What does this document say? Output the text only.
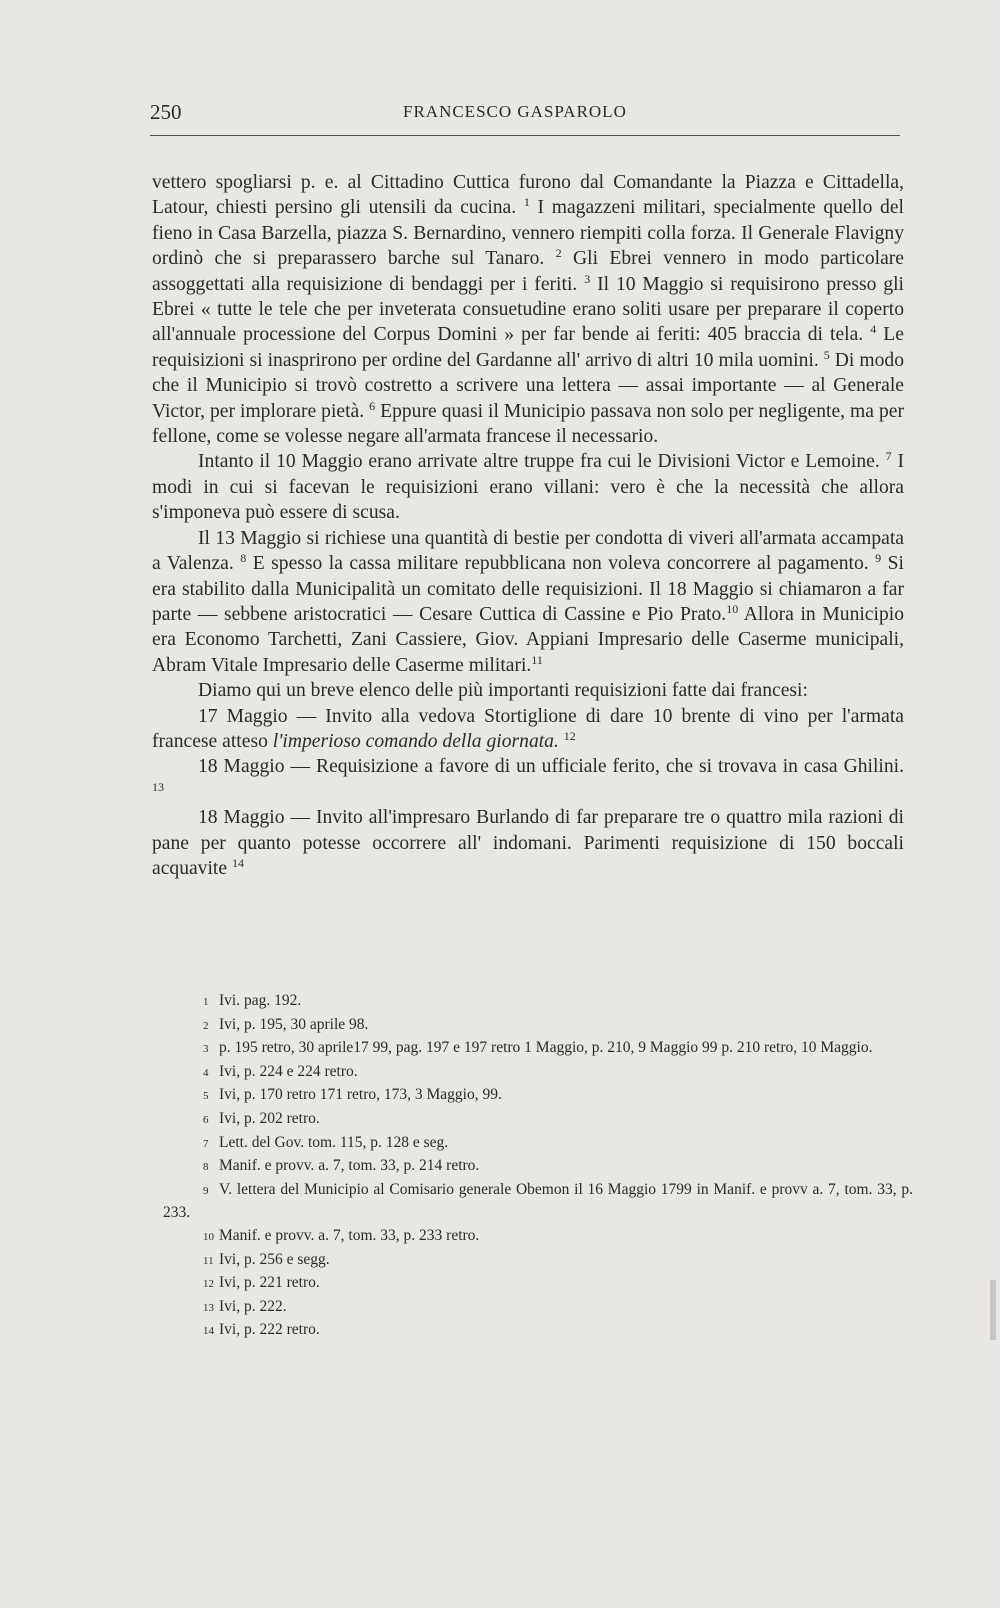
250	FRANCESCO GASPAROLO

vettero spogliarsi p. e. al Cittadino Cuttica furono dal Comandante la Piazza e Cittadella, Latour, chiesti persino gli utensili da cucina. $^1$ I magazzeni militari, specialmente quello del fieno in Casa Barzella, piazza S. Bernardino, vennero riempiti colla forza. Il Generale Flavigny ordinò che si preparassero barche sul Tanaro. $^2$ Gli Ebrei vennero in modo particolare assoggettati alla requisizione di bendaggi per i feriti. $^3$ Il 10 Maggio si requisirono presso gli Ebrei « tutte le tele che per inveterata consuetudine erano soliti usare per preparare il coperto all'annuale processione del Corpus Domini » per far bende ai feriti: 405 braccia di tela. $^4$ Le requisizioni si inasprirono per ordine del Gardanne all' arrivo di altri 10 mila uomini. $^5$ Di modo che il Municipio si trovò costretto a scrivere una lettera — assai importante — al Generale Victor, per implorare pietà. $^6$ Eppure quasi il Municipio passava non solo per negligente, ma per fellone, come se volesse negare all'armata francese il necessario.

Intanto il 10 Maggio erano arrivate altre truppe fra cui le Divisioni Victor e Lemoine. $^7$ I modi in cui si facevan le requisizioni erano villani: vero è che la necessità che allora s'imponeva può essere di scusa.

Il 13 Maggio si richiese una quantità di bestie per condotta di viveri all'armata accampata a Valenza. $^8$ E spesso la cassa militare repubblicana non voleva concorrere al pagamento. $^9$ Si era stabilito dalla Municipalità un comitato delle requisizioni. Il 18 Maggio si chiamaron a far parte — sebbene aristocratici — Cesare Cuttica di Cassine e Pio Prato.$^{10}$ Allora in Municipio era Economo Tarchetti, Zani Cassiere, Giov. Appiani Impresario delle Caserme municipali, Abram Vitale Impresario delle Caserme militari.$^{11}$

Diamo qui un breve elenco delle più importanti requisizioni fatte dai francesi:

17 Maggio — Invito alla vedova Stortiglione di dare 10 brente di vino per l'armata francese atteso l'imperioso comando della giornata. $^{12}$

18 Maggio — Requisizione a favore di un ufficiale ferito, che si trovava in casa Ghilini. $^{13}$

18 Maggio — Invito all'impresaro Burlando di far preparare tre o quattro mila razioni di pane per quanto potesse occorrere all' indomani. Parimenti requisizione di 150 boccali acquavite $^{14}$

1 Ivi. pag. 192.
2 Ivi, p. 195, 30 aprile 98.
3 p. 195 retro, 30 aprile17 99, pag. 197 e 197 retro 1 Maggio, p. 210, 9 Maggio 99 p. 210 retro, 10 Maggio.
4 Ivi, p. 224 e 224 retro.
5 Ivi, p. 170 retro 171 retro, 173, 3 Maggio, 99.
6 Ivi, p. 202 retro.
7 Lett. del Gov. tom. 115, p. 128 e seg.
8 Manif. e provv. a. 7, tom. 33, p. 214 retro.
9 V. lettera del Municipio al Comisario generale Obemon il 16 Maggio 1799 in Manif. e provv a. 7, tom. 33, p. 233.
10 Manif. e provv. a. 7, tom. 33, p. 233 retro.
11 Ivi, p. 256 e segg.
12 Ivi, p. 221 retro.
13 Ivi, p. 222.
14 Ivi, p. 222 retro.
